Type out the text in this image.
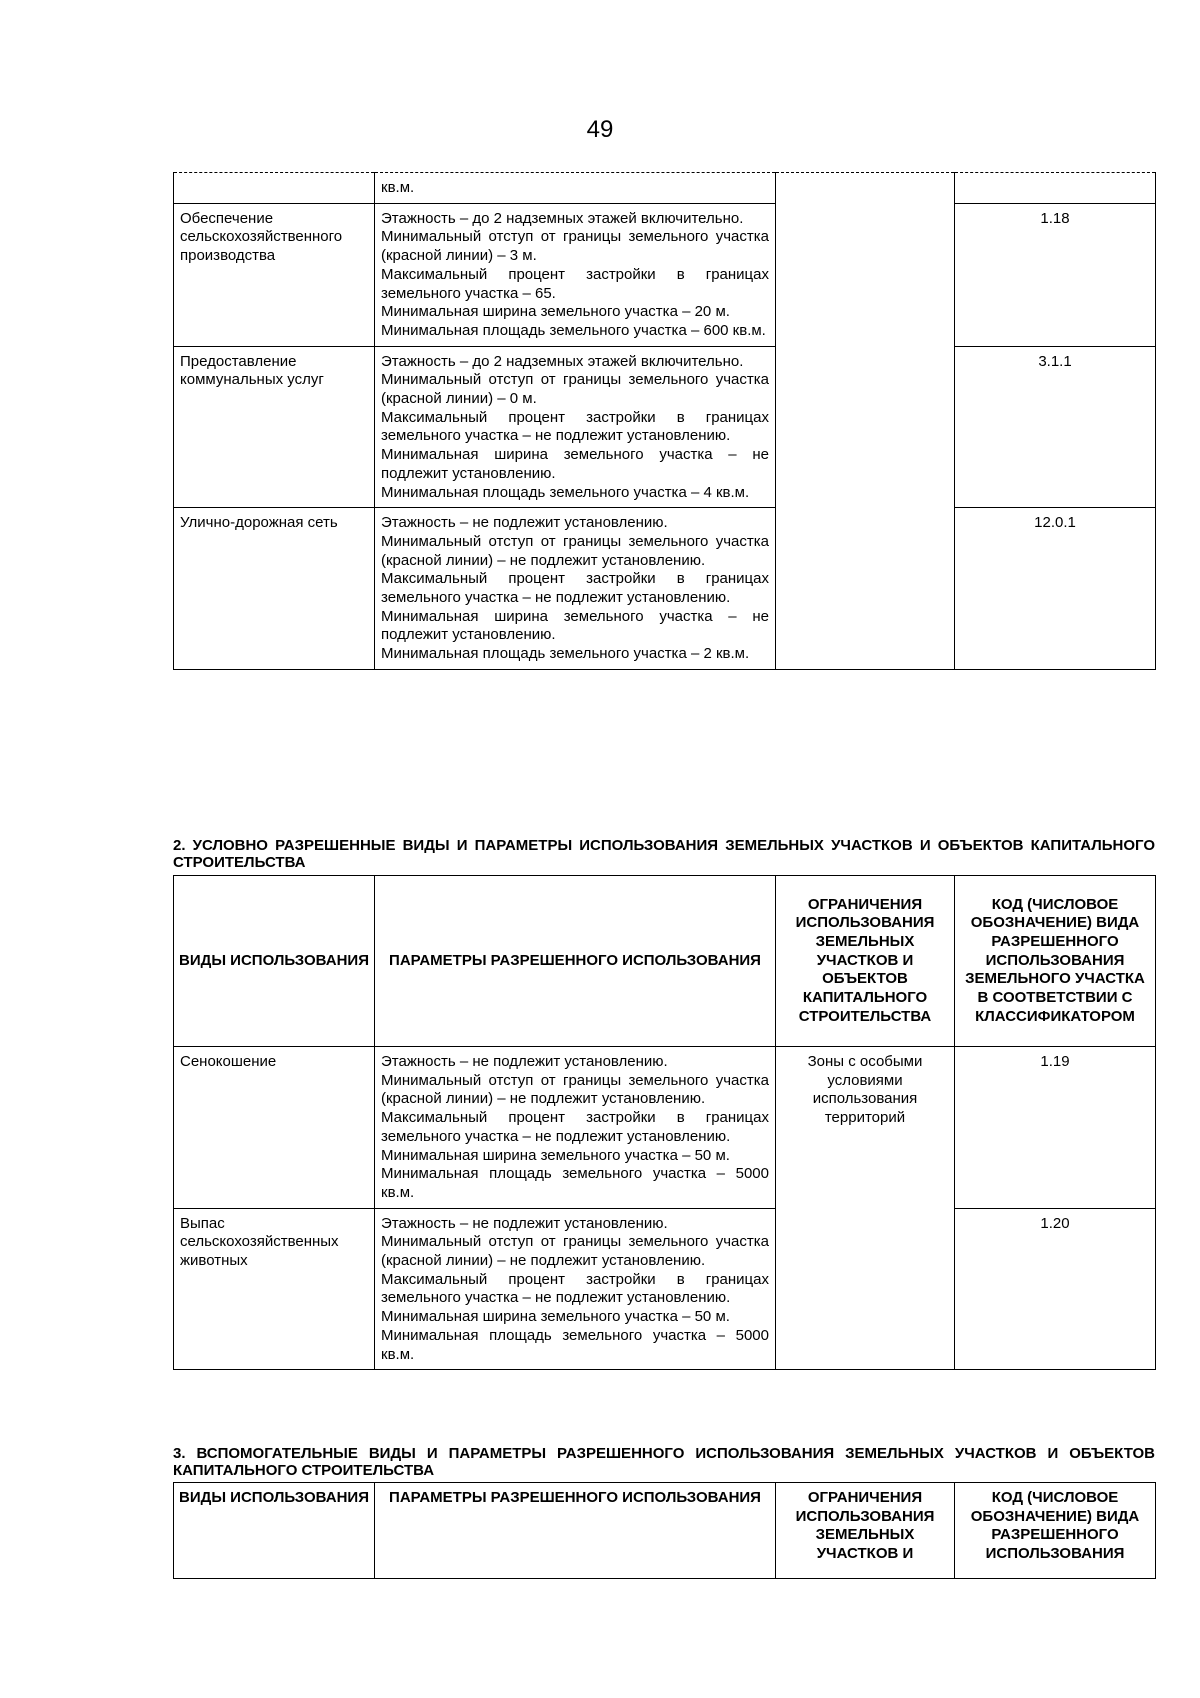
49

	кв.м.		

Обеспечение сельскохозяйственного производства	Этажность – до 2 надземных этажей включительно.
Минимальный отступ от границы земельного участка (красной линии) – 3 м.
Максимальный процент застройки в границах земельного участка – 65.
Минимальная ширина земельного участка – 20 м.
Минимальная площадь земельного участка – 600 кв.м.		1.18
Предоставление коммунальных услуг	Этажность – до 2 надземных этажей включительно.
Минимальный отступ от границы земельного участка (красной линии) – 0 м.
Максимальный процент застройки в границах земельного участка – не подлежит установлению.
Минимальная ширина земельного участка – не подлежит установлению.
Минимальная площадь земельного участка – 4 кв.м.		3.1.1
Улично-дорожная сеть	Этажность – не подлежит установлению.
Минимальный отступ от границы земельного участка (красной линии) – не подлежит установлению.
Максимальный процент застройки в границах земельного участка – не подлежит установлению.
Минимальная ширина земельного участка – не подлежит установлению.
Минимальная площадь земельного участка – 2 кв.м.		12.0.1
2. УСЛОВНО РАЗРЕШЕННЫЕ ВИДЫ И ПАРАМЕТРЫ ИСПОЛЬЗОВАНИЯ ЗЕМЕЛЬНЫХ УЧАСТКОВ И ОБЪЕКТОВ КАПИТАЛЬНОГО СТРОИТЕЛЬСТВА
ВИДЫ ИСПОЛЬЗОВАНИЯ	ПАРАМЕТРЫ РАЗРЕШЕННОГО ИСПОЛЬЗОВАНИЯ	ОГРАНИЧЕНИЯ ИСПОЛЬЗОВАНИЯ ЗЕМЕЛЬНЫХ УЧАСТКОВ И ОБЪЕКТОВ КАПИТАЛЬНОГО СТРОИТЕЛЬСТВА	КОД (ЧИСЛОВОЕ ОБОЗНАЧЕНИЕ) ВИДА РАЗРЕШЕННОГО ИСПОЛЬЗОВАНИЯ ЗЕМЕЛЬНОГО УЧАСТКА В СООТВЕТСТВИИ С КЛАССИФИКАТОРОМ
Сенокошение	Этажность – не подлежит установлению.
Минимальный отступ от границы земельного участка (красной линии) – не подлежит установлению.
Максимальный процент застройки в границах земельного участка – не подлежит установлению.
Минимальная ширина земельного участка – 50 м.
Минимальная площадь земельного участка – 5000 кв.м.	Зоны с особыми условиями использования территорий	1.19
Выпас сельскохозяйственных животных	Этажность – не подлежит установлению.
Минимальный отступ от границы земельного участка (красной линии) – не подлежит установлению.
Максимальный процент застройки в границах земельного участка – не подлежит установлению.
Минимальная ширина земельного участка – 50 м.
Минимальная площадь земельного участка – 5000 кв.м.		1.20
3. ВСПОМОГАТЕЛЬНЫЕ ВИДЫ И ПАРАМЕТРЫ РАЗРЕШЕННОГО ИСПОЛЬЗОВАНИЯ ЗЕМЕЛЬНЫХ УЧАСТКОВ И ОБЪЕКТОВ КАПИТАЛЬНОГО СТРОИТЕЛЬСТВА
ВИДЫ ИСПОЛЬЗОВАНИЯ	ПАРАМЕТРЫ РАЗРЕШЕННОГО ИСПОЛЬЗОВАНИЯ	ОГРАНИЧЕНИЯ ИСПОЛЬЗОВАНИЯ ЗЕМЕЛЬНЫХ УЧАСТКОВ И	КОД (ЧИСЛОВОЕ ОБОЗНАЧЕНИЕ) ВИДА РАЗРЕШЕННОГО ИСПОЛЬЗОВАНИЯ
